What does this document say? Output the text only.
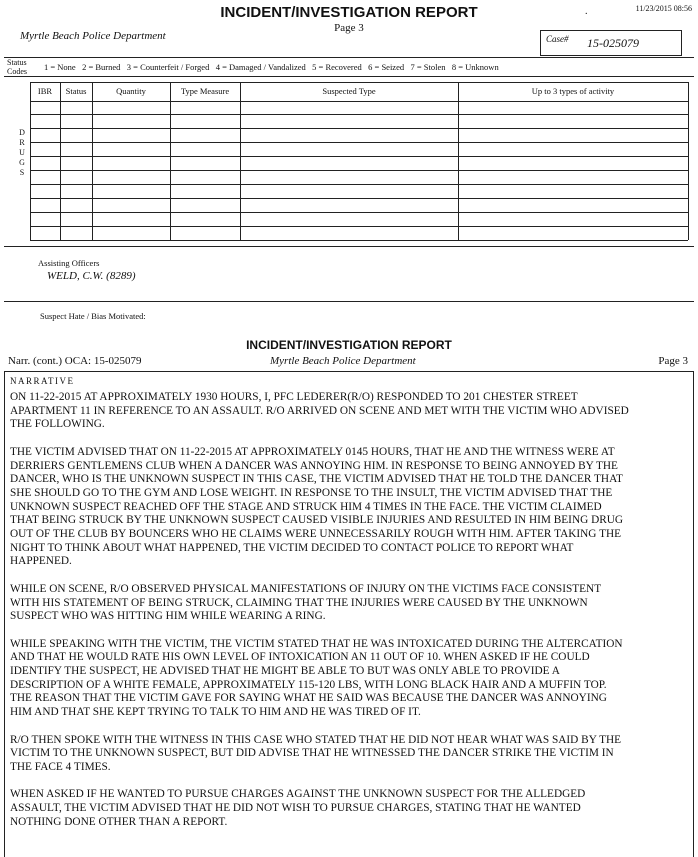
INCIDENT/INVESTIGATION REPORT	.	11/23/2015 08:56
Page 3
Myrtle Beach Police Department	Case# 15-025079
Status
Codes 1 = None   2 = Burned   3 = Counterfeit / Forged   4 = Damaged / Vandalized   5 = Recovered   6 = Seized   7 = Stolen   8 = Unknown
IBR	Status	Quantity	Type Measure	Suspected Type	Up to 3 types of activity
D
R
U
G
S
Assisting Officers
WELD, C.W. (8289)
Suspect Hate / Bias Motivated:
INCIDENT/INVESTIGATION REPORT
Narr. (cont.) OCA: 15-025079	Myrtle Beach Police Department	Page 3
NARRATIVE

ON 11-22-2015 AT APPROXIMATELY 1930 HOURS, I, PFC LEDERER(R/O) RESPONDED TO 201 CHESTER STREET
APARTMENT 11 IN REFERENCE TO AN ASSAULT. R/O ARRIVED ON SCENE AND MET WITH THE VICTIM WHO ADVISED
THE FOLLOWING.

THE VICTIM ADVISED THAT ON 11-22-2015 AT APPROXIMATELY 0145 HOURS, THAT HE AND THE WITNESS WERE AT
DERRIERS GENTLEMENS CLUB WHEN A DANCER WAS ANNOYING HIM. IN RESPONSE TO BEING ANNOYED BY THE
DANCER, WHO IS THE UNKNOWN SUSPECT IN THIS CASE, THE VICTIM ADVISED THAT HE TOLD THE DANCER THAT
SHE SHOULD GO TO THE GYM AND LOSE WEIGHT. IN RESPONSE TO THE INSULT, THE VICTIM ADVISED THAT THE
UNKNOWN SUSPECT REACHED OFF THE STAGE AND STRUCK HIM 4 TIMES IN THE FACE. THE VICTIM CLAIMED
THAT BEING STRUCK BY THE UNKNOWN SUSPECT CAUSED VISIBLE INJURIES AND RESULTED IN HIM BEING DRUG
OUT OF THE CLUB BY BOUNCERS WHO HE CLAIMS WERE UNNECESSARILY ROUGH WITH HIM. AFTER TAKING THE
NIGHT TO THINK ABOUT WHAT HAPPENED, THE VICTIM DECIDED TO CONTACT POLICE TO REPORT WHAT
HAPPENED.

WHILE ON SCENE, R/O OBSERVED PHYSICAL MANIFESTATIONS OF INJURY ON THE VICTIMS FACE CONSISTENT
WITH HIS STATEMENT OF BEING STRUCK, CLAIMING THAT THE INJURIES WERE CAUSED BY THE UNKNOWN
SUSPECT WHO WAS HITTING HIM WHILE WEARING A RING.

WHILE SPEAKING WITH THE VICTIM, THE VICTIM STATED THAT HE WAS INTOXICATED DURING THE ALTERCATION
AND THAT HE WOULD RATE HIS OWN LEVEL OF INTOXICATION AN 11 OUT OF 10. WHEN ASKED IF HE COULD
IDENTIFY THE SUSPECT, HE ADVISED THAT HE MIGHT BE ABLE TO BUT WAS ONLY ABLE TO PROVIDE A
DESCRIPTION OF A WHITE FEMALE, APPROXIMATELY 115-120 LBS, WITH LONG BLACK HAIR AND A MUFFIN TOP.
THE REASON THAT THE VICTIM GAVE FOR SAYING WHAT HE SAID WAS BECAUSE THE DANCER WAS ANNOYING
HIM AND THAT SHE KEPT TRYING TO TALK TO HIM AND HE WAS TIRED OF IT.

R/O THEN SPOKE WITH THE WITNESS IN THIS CASE WHO STATED THAT HE DID NOT HEAR WHAT WAS SAID BY THE
VICTIM TO THE UNKNOWN SUSPECT, BUT DID ADVISE THAT HE WITNESSED THE DANCER STRIKE THE VICTIM IN
THE FACE 4 TIMES.

WHEN ASKED IF HE WANTED TO PURSUE CHARGES AGAINST THE UNKNOWN SUSPECT FOR THE ALLEDGED
ASSAULT, THE VICTIM ADVISED THAT HE DID NOT WISH TO PURSUE CHARGES, STATING THAT HE WANTED
NOTHING DONE OTHER THAN A REPORT.
